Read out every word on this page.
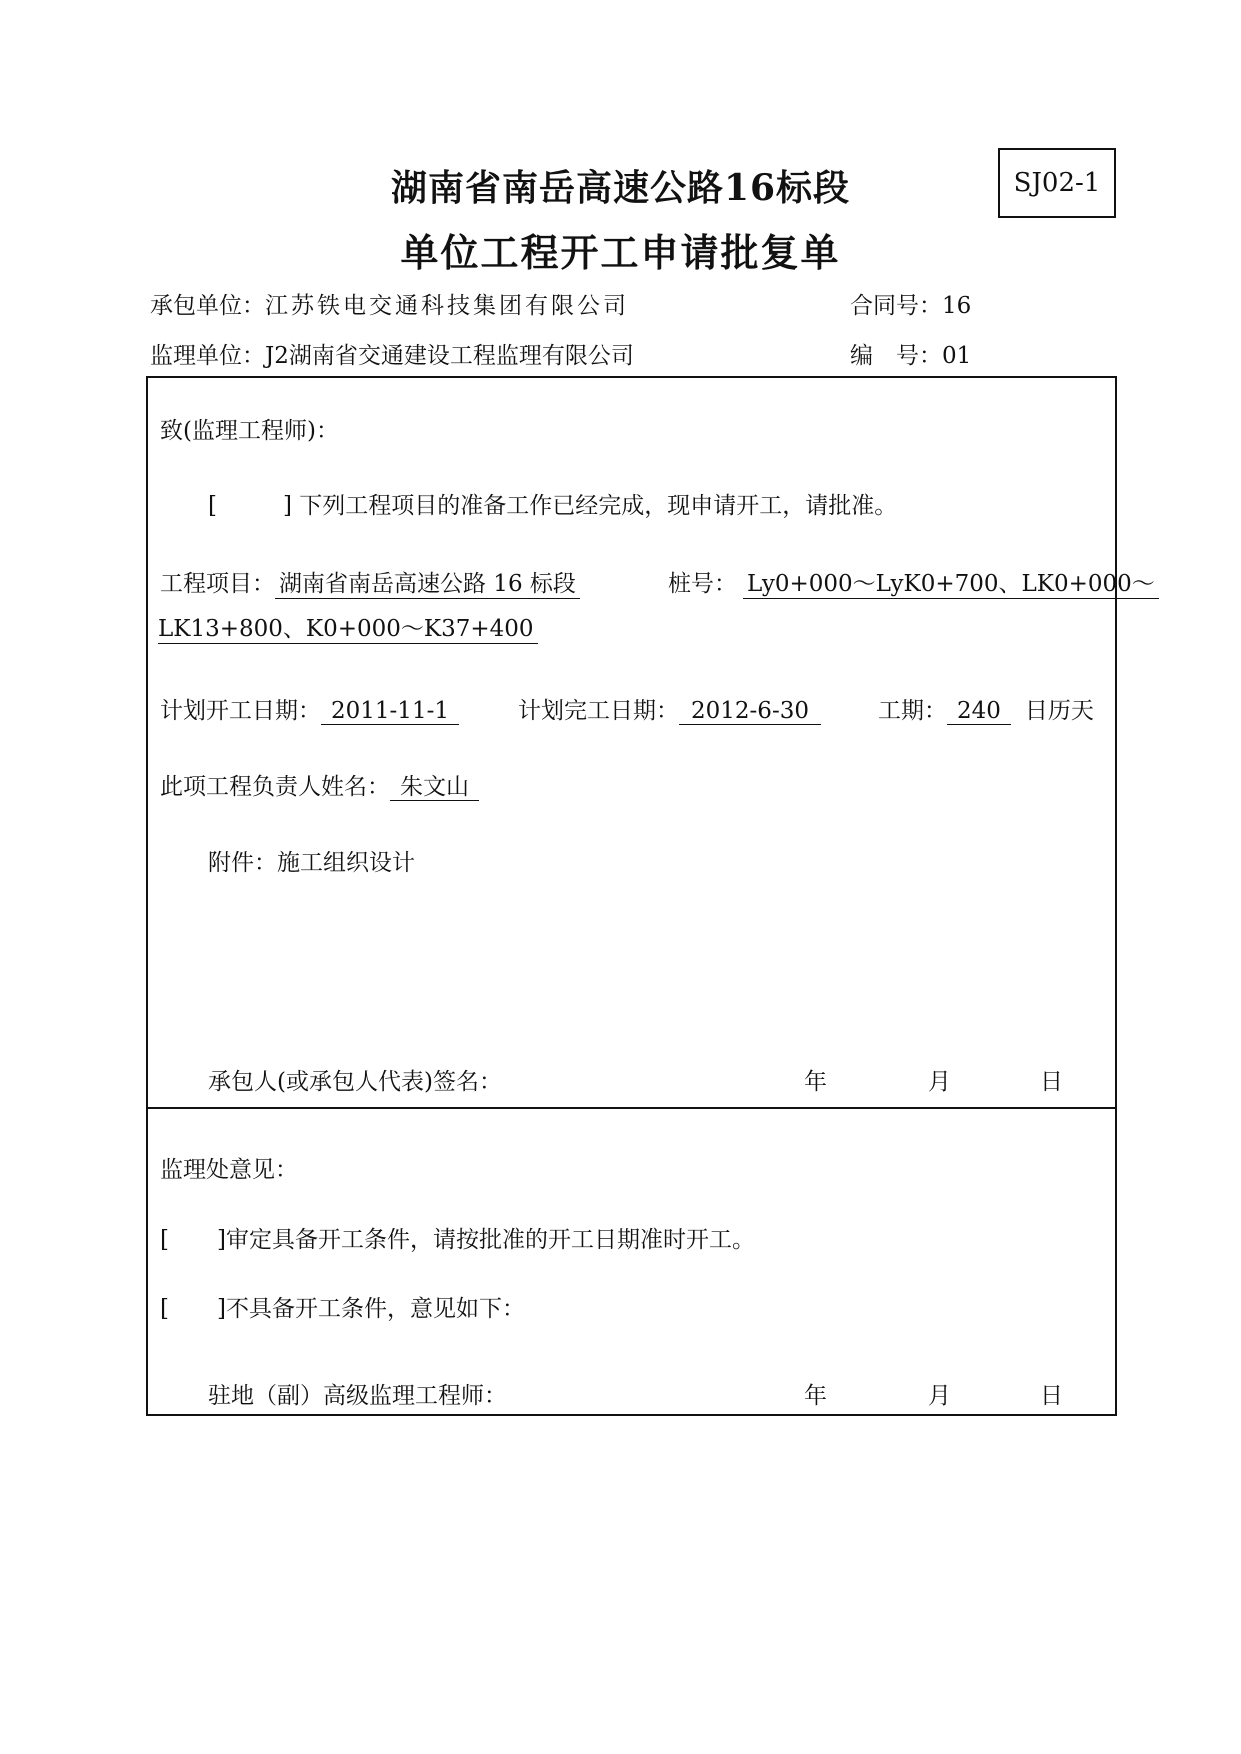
湖南省南岳高速公路16标段
单位工程开工申请批复单
SJ02-1
承包单位：江苏铁电交通科技集团有限公司	合同号：16
监理单位：J2湖南省交通建设工程监理有限公司	编　号：01
致(监理工程师)：
[	] 下列工程项目的准备工作已经完成，现申请开工，请批准。
工程项目： 湖南省南岳高速公路 16 标段	桩号： Ly0+000～LyK0+700、LK0+000～
LK13+800、K0+000～K37+400
计划开工日期： 2011-11-1	计划完工日期： 2012-6-30	工期： 240 日历天
此项工程负责人姓名： 朱文山
附件：施工组织设计
承包人(或承包人代表)签名：	年	月	日
监理处意见：
[ ]审定具备开工条件，请按批准的开工日期准时开工。
[ ]不具备开工条件，意见如下：
驻地（副）高级监理工程师：	年	月	日
